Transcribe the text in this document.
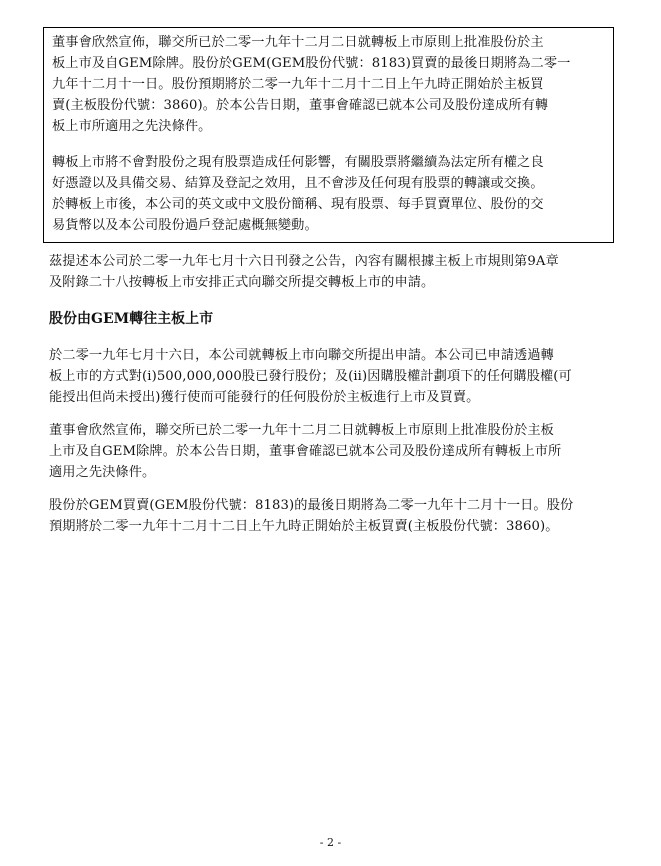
董事會欣然宣佈，聯交所已於二零一九年十二月二日就轉板上市原則上批准股份於主
板上市及自GEM除牌。股份於GEM(GEM股份代號：8183)買賣的最後日期將為二零一
九年十二月十一日。股份預期將於二零一九年十二月十二日上午九時正開始於主板買
賣(主板股份代號：3860)。於本公告日期，董事會確認已就本公司及股份達成所有轉
板上市所適用之先決條件。

轉板上市將不會對股份之現有股票造成任何影響，有關股票將繼續為法定所有權之良
好憑證以及具備交易、結算及登記之效用，且不會涉及任何現有股票的轉讓或交換。
於轉板上市後，本公司的英文或中文股份簡稱、現有股票、每手買賣單位、股份的交
易貨幣以及本公司股份過戶登記處概無變動。

茲提述本公司於二零一九年七月十六日刊發之公告，內容有關根據主板上市規則第9A章
及附錄二十八按轉板上市安排正式向聯交所提交轉板上市的申請。

股份由GEM轉往主板上市

於二零一九年七月十六日，本公司就轉板上市向聯交所提出申請。本公司已申請透過轉
板上市的方式對(i)500,000,000股已發行股份；及(ii)因購股權計劃項下的任何購股權(可
能授出但尚未授出)獲行使而可能發行的任何股份於主板進行上市及買賣。

董事會欣然宣佈，聯交所已於二零一九年十二月二日就轉板上市原則上批准股份於主板
上市及自GEM除牌。於本公告日期，董事會確認已就本公司及股份達成所有轉板上市所
適用之先決條件。

股份於GEM買賣(GEM股份代號：8183)的最後日期將為二零一九年十二月十一日。股份
預期將於二零一九年十二月十二日上午九時正開始於主板買賣(主板股份代號：3860)。

- 2 -
